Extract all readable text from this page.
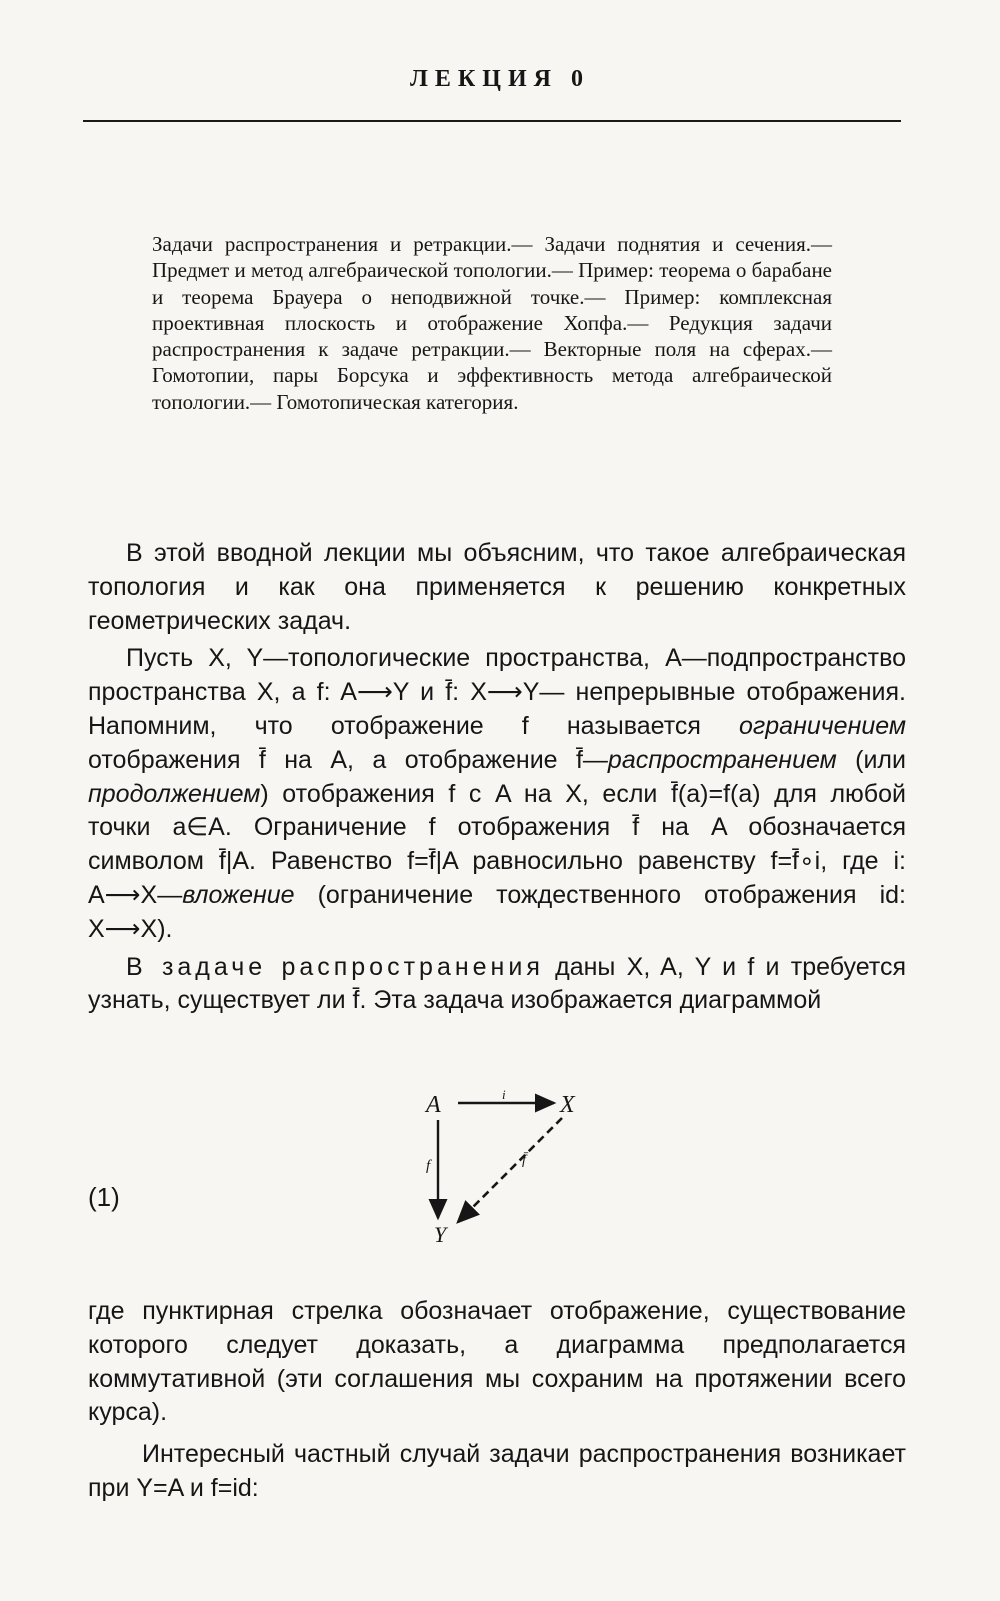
ЛЕКЦИЯ 0
Задачи распространения и ретракции.— Задачи поднятия и сечения.— Предмет и метод алгебраической топологии.— Пример: теорема о барабане и теорема Брауера о неподвижной точке.— Пример: комплексная проективная плоскость и отображение Хопфа.— Редукция задачи распространения к задаче ретракции.— Векторные поля на сферах.— Гомотопии, пары Борсука и эффективность метода алгебраической топологии.— Гомотопическая категория.

В этой вводной лекции мы объясним, что такое алгебраическая топология и как она применяется к решению конкретных геометрических задач.

Пусть X, Y—топологические пространства, A—подпространство пространства X, а f: A⟶Y и f̄: X⟶Y— непрерывные отображения. Напомним, что отображение f называется ограничением отображения f̄ на A, а отображение f̄—распространением (или продолжением) отображения f с A на X, если f̄(a)=f(a) для любой точки a∈A. Ограничение f отображения f̄ на A обозначается символом f̄|A. Равенство f=f̄|A равносильно равенству f=f̄∘i, где i: A⟶X—вложение (ограничение тождественного отображения id: X⟶X).

В задаче распространения даны X, A, Y и f и требуется узнать, существует ли f̄. Эта задача изображается диаграммой

(1)
A	X
Y
i
f	f̄

где пунктирная стрелка обозначает отображение, существование которого следует доказать, а диаграмма предполагается коммутативной (эти соглашения мы сохраним на протяжении всего курса).

Интересный частный случай задачи распространения возникает при Y=A и f=id:
